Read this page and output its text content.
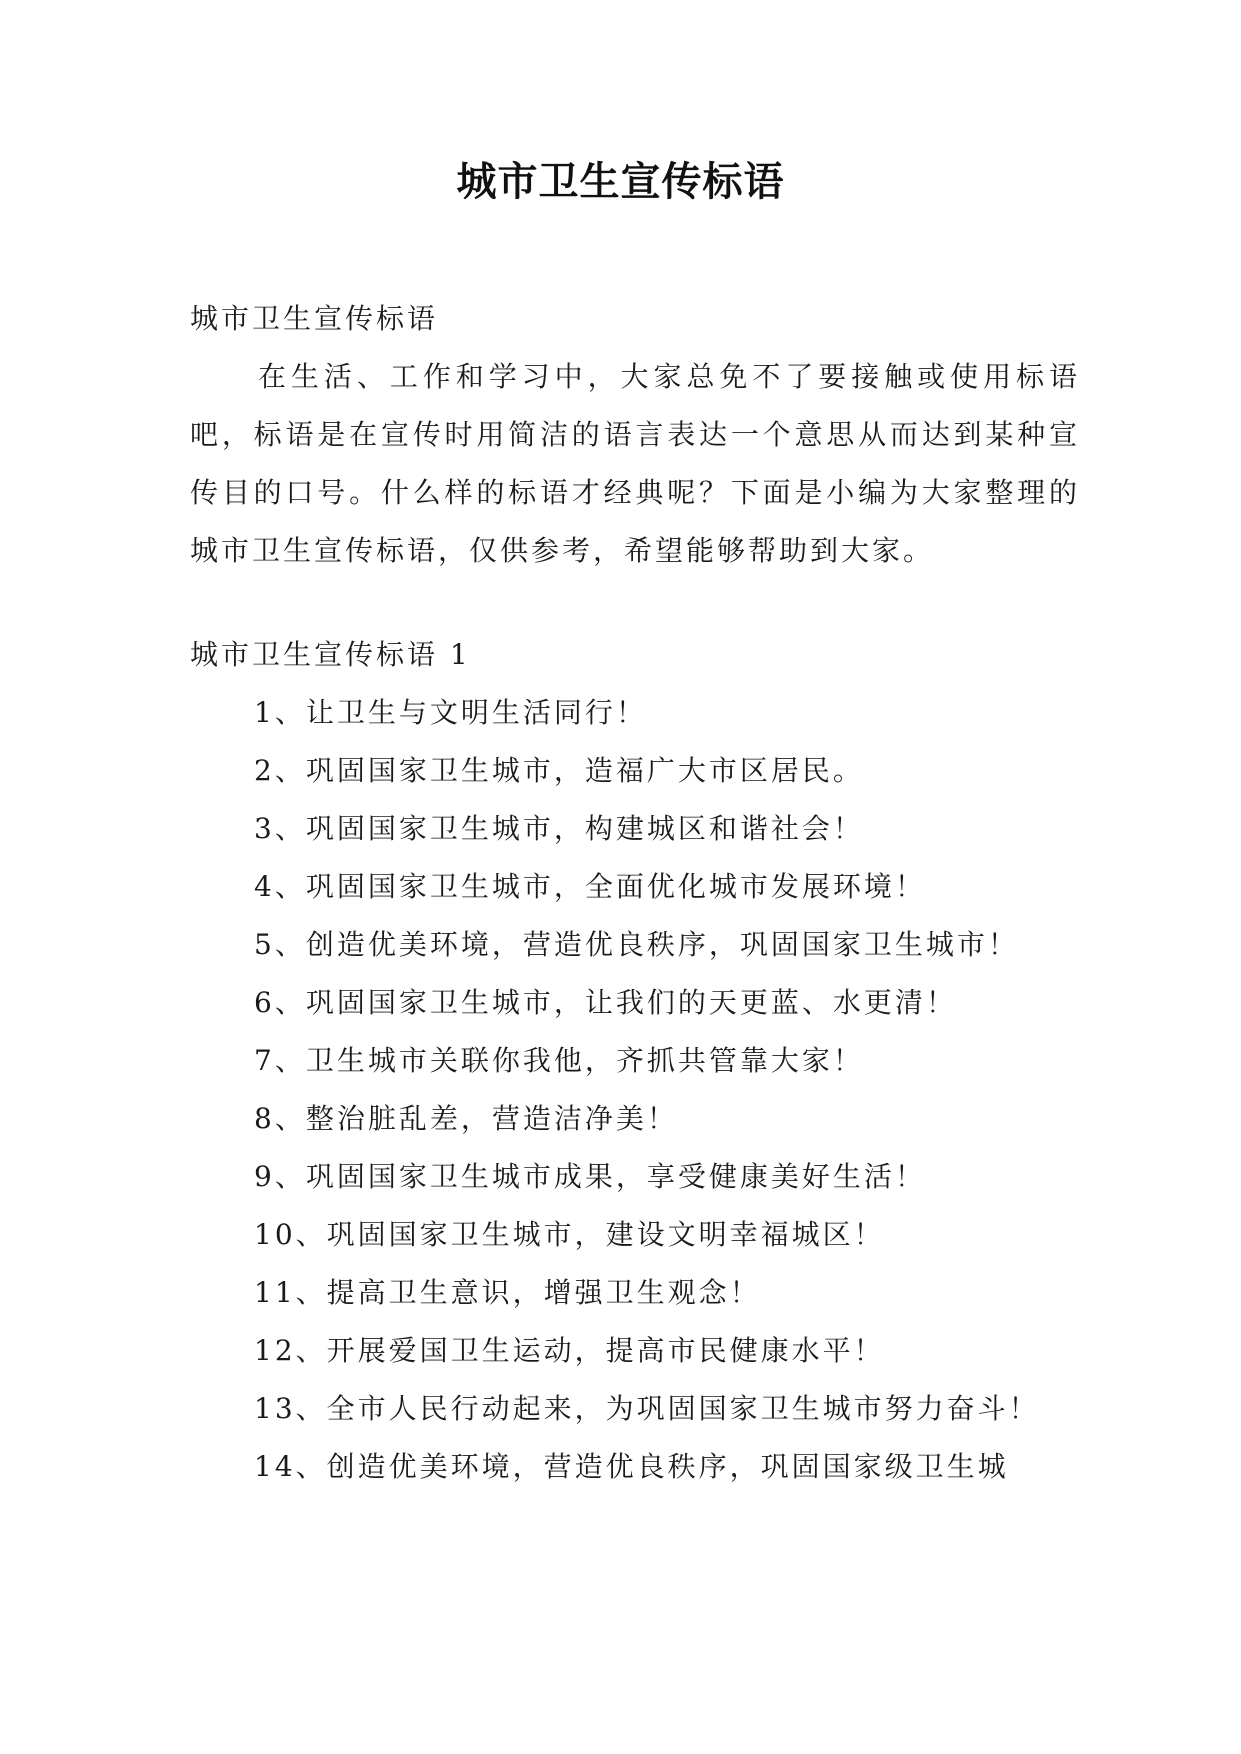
城市卫生宣传标语

城市卫生宣传标语

在生活、工作和学习中，大家总免不了要接触或使用标语吧，标语是在宣传时用简洁的语言表达一个意思从而达到某种宣传目的口号。什么样的标语才经典呢？下面是小编为大家整理的城市卫生宣传标语，仅供参考，希望能够帮助到大家。

城市卫生宣传标语 1

1、让卫生与文明生活同行！
2、巩固国家卫生城市，造福广大市区居民。
3、巩固国家卫生城市，构建城区和谐社会！
4、巩固国家卫生城市，全面优化城市发展环境！
5、创造优美环境，营造优良秩序，巩固国家卫生城市！
6、巩固国家卫生城市，让我们的天更蓝、水更清！
7、卫生城市关联你我他，齐抓共管靠大家！
8、整治脏乱差，营造洁净美！
9、巩固国家卫生城市成果，享受健康美好生活！
10、巩固国家卫生城市，建设文明幸福城区！
11、提高卫生意识，增强卫生观念！
12、开展爱国卫生运动，提高市民健康水平！
13、全市人民行动起来，为巩固国家卫生城市努力奋斗！
14、创造优美环境，营造优良秩序，巩固国家级卫生城
